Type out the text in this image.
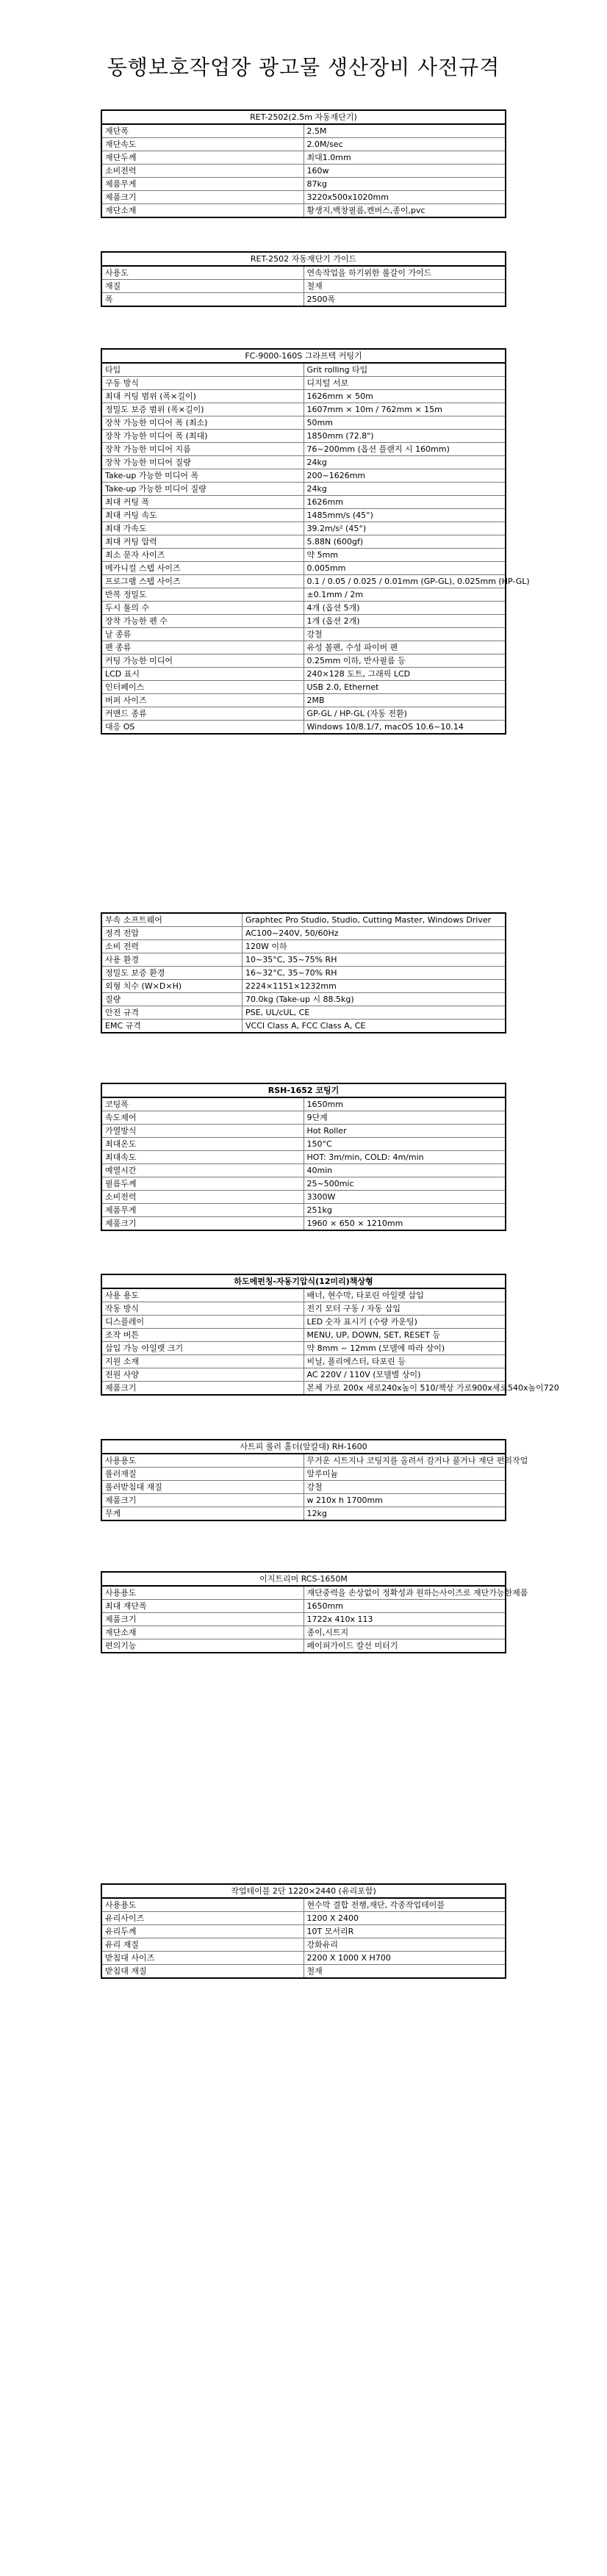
동행보호작업장 광고물 생산장비 사전규격
RET-2502(2.5m 자동재단기)	
재단폭	2.5M
재단속도	2.0M/sec
재단두께	최대1.0mm
소비전력	160w
제품무게	87kg
제품크기	3220x500x1020mm
재단소재	황생지,백창필름,켄버스,종이,pvc
RET-2502 자동재단기 가이드	
사용도	연속작업을 하기위한 롤갈이 가이드
재질	철재
폭	2500폭
FC-9000-160S 그라프텍 커팅기	
타입	Grit rolling 타입
구동 방식	디지털 서보
최대 커팅 범위 (폭×길이)	1626mm × 50m
정밀도 보증 범위 (폭×길이)	1607mm × 10m / 762mm × 15m
장착 가능한 미디어 폭 (최소)	50mm
장착 가능한 미디어 폭 (최대)	1850mm (72.8")
장착 가능한 미디어 지름	76~200mm (옵션 플랜지 시 160mm)
장착 가능한 미디어 질량	24kg
Take-up 가능한 미디어 폭	200~1626mm
Take-up 가능한 미디어 질량	24kg
최대 커팅 폭	1626mm
최대 커팅 속도	1485mm/s (45°)
최대 가속도	39.2m/s² (45°)
최대 커팅 압력	5.88N (600gf)
최소 문자 사이즈	약 5mm
메카니컬 스텝 사이즈	0.005mm
프로그램 스텝 사이즈	0.1 / 0.05 / 0.025 / 0.01mm (GP-GL), 0.025mm (HP-GL)
반복 정밀도	±0.1mm / 2m
두시 툴의 수	4개 (옵션 5개)
장착 가능한 펜 수	1개 (옵션 2개)
날 종류	강철
펜 종류	유성 볼펜, 수성 파이버 펜
커팅 가능한 미디어	0.25mm 이하, 반사필름 등
LCD 표시	240×128 도트, 그래픽 LCD
인터페이스	USB 2.0, Ethernet
버퍼 사이즈	2MB
커맨드 종류	GP-GL / HP-GL (자동 전환)
대응 OS	Windows 10/8.1/7, macOS 10.6~10.14
부속 소프트웨어	Graphtec Pro Studio, Studio, Cutting Master, Windows Driver
정격 전압	AC100~240V, 50/60Hz
소비 전력	120W 이하
사용 환경	10~35°C, 35~75% RH
정밀도 보증 환경	16~32°C, 35~70% RH
외형 치수 (W×D×H)	2224×1151×1232mm
질량	70.0kg (Take-up 시 88.5kg)
안전 규격	PSE, UL/cUL, CE
EMC 규격	VCCI Class A, FCC Class A, CE
RSH-1652 코팅기	
코팅폭	1650mm
속도제어	9단계
가열방식	Hot Roller
최대온도	150°C
최대속도	HOT: 3m/min, COLD: 4m/min
예열시간	40min
필름두께	25~500mic
소비전력	3300W
제품무게	251kg
제품크기	1960 × 650 × 1210mm
하도메펀칭-자동기압식(12미리)책상형	
사용 용도	배너, 현수막, 타포린 아일렛 삽입
작동 방식	전기 모터 구동 / 자동 삽입
디스플레이	LED 숫자 표시기 (수량 카운팅)
조작 버튼	MENU, UP, DOWN, SET, RESET 등
삽입 가능 아일렛 크기	약 8mm ~ 12mm (모델에 따라 상이)
지원 소재	비닐, 폴리에스터, 타포린 등
전원 사양	AC 220V / 110V (모델별 상이)
제품크기	본체 가로 200x 세로240x높이 510/책상 가로900x세로540x높이720
사트피 롤러 홀더(앞칼대) RH-1600	
사용용도	무거운 시트지나 코팅지를 올려서 감거나 풀거나 재단 편의작업
롤러재질	알루미늄
롤러받침대 재질	강철
제품크기	w 210x h 1700mm
무게	12kg
이지트리머 RCS-1650M	
사용용도	재단중력을 손상없이 정확성과 원하는사이즈로 재단가능한제품
최대 재단폭	1650mm
제품크기	1722x 410x 113
재단소재	종이,시트지
편의기능	페이퍼가이드 칼선 미터기
작업테이블 2단 1220×2440 (유리포함)	
사용용도	현수막 결합 전행,재단, 각종작업테이블
유리사이즈	1200 X 2400
유리두께	10T 모서리R
유리 재질	강화유리
받침대 사이즈	2200 X 1000 X H700
받침대 재질	철재
